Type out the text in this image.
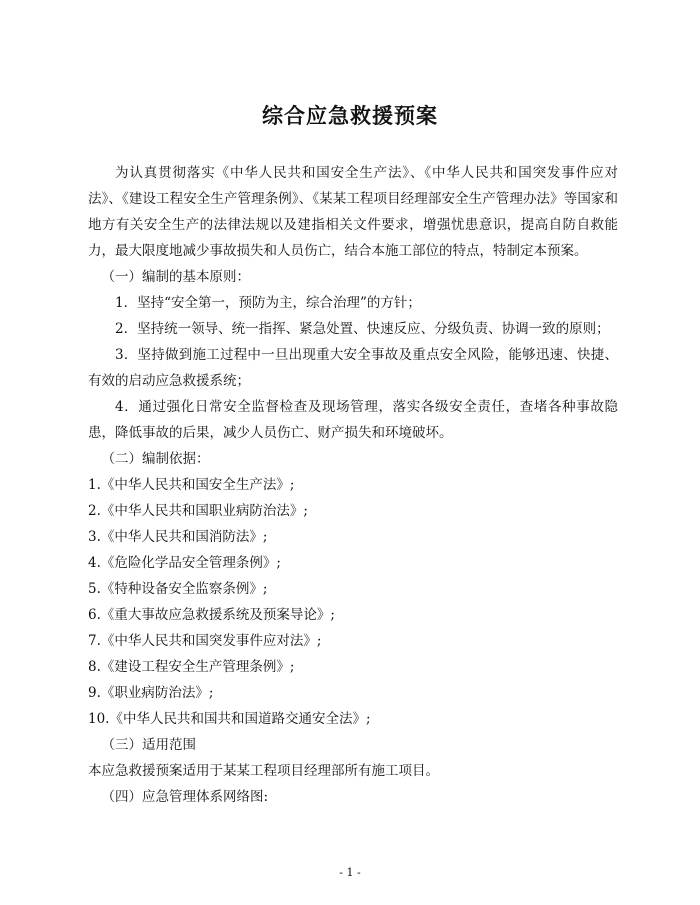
综合应急救援预案

为认真贯彻落实《中华人民共和国安全生产法》、《中华人民共和国突发事件应对法》、《建设工程安全生产管理条例》、《某某工程项目经理部安全生产管理办法》等国家和地方有关安全生产的法律法规以及建指相关文件要求，增强忧患意识，提高自防自救能力，最大限度地减少事故损失和人员伤亡，结合本施工部位的特点，特制定本预案。

（一）编制的基本原则：

1．坚持“安全第一，预防为主，综合治理”的方针；

2．坚持统一领导、统一指挥、紧急处置、快速反应、分级负责、协调一致的原则；

3．坚持做到施工过程中一旦出现重大安全事故及重点安全风险，能够迅速、快捷、有效的启动应急救援系统；

4．通过强化日常安全监督检查及现场管理，落实各级安全责任，查堵各种事故隐患，降低事故的后果，减少人员伤亡、财产损失和环境破坏。

（二）编制依据：

1.《中华人民共和国安全生产法》;

2.《中华人民共和国职业病防治法》;

3.《中华人民共和国消防法》;

4.《危险化学品安全管理条例》;

5.《特种设备安全监察条例》;

6.《重大事故应急救援系统及预案导论》;

7.《中华人民共和国突发事件应对法》;

8.《建设工程安全生产管理条例》;

9.《职业病防治法》;

10.《中华人民共和国共和国道路交通安全法》;

（三）适用范围

本应急救援预案适用于某某工程项目经理部所有施工项目。

（四）应急管理体系网络图:

- 1 -
